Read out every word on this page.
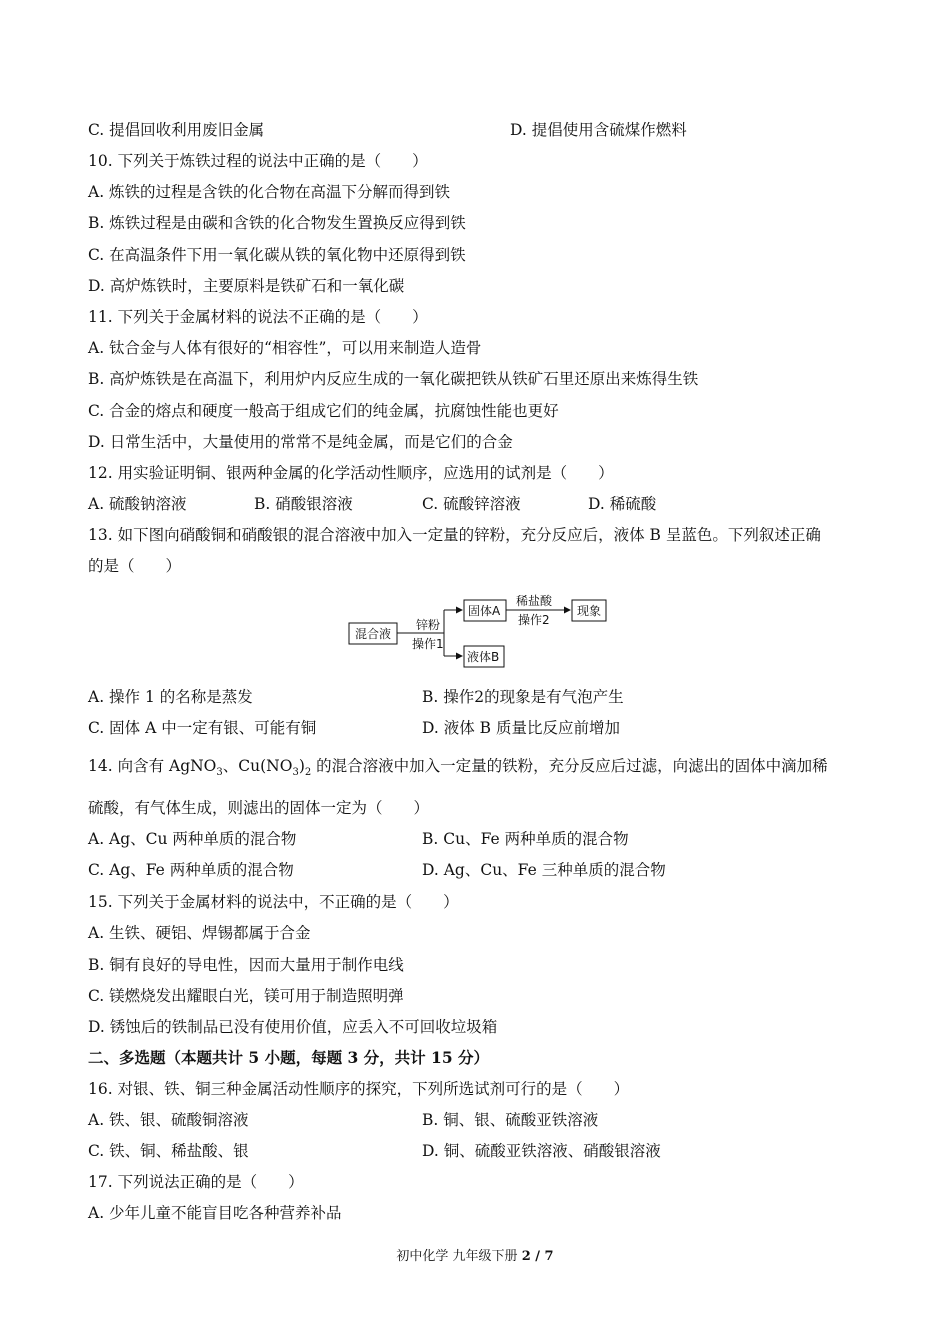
C. 提倡回收利用废旧金属	D. 提倡使用含硫煤作燃料
10. 下列关于炼铁过程的说法中正确的是（　　）
A. 炼铁的过程是含铁的化合物在高温下分解而得到铁
B. 炼铁过程是由碳和含铁的化合物发生置换反应得到铁
C. 在高温条件下用一氧化碳从铁的氧化物中还原得到铁
D. 高炉炼铁时，主要原料是铁矿石和一氧化碳
11. 下列关于金属材料的说法不正确的是（　　）
A. 钛合金与人体有很好的“相容性”，可以用来制造人造骨
B. 高炉炼铁是在高温下，利用炉内反应生成的一氧化碳把铁从铁矿石里还原出来炼得生铁
C. 合金的熔点和硬度一般高于组成它们的纯金属，抗腐蚀性能也更好
D. 日常生活中，大量使用的常常不是纯金属，而是它们的合金
12. 用实验证明铜、银两种金属的化学活动性顺序，应选用的试剂是（　　）
A. 硫酸钠溶液	B. 硝酸银溶液	C. 硫酸锌溶液	D. 稀硫酸
13. 如下图向硝酸铜和硝酸银的混合溶液中加入一定量的锌粉，充分反应后，液体 B 呈蓝色。下列叙述正确
的是（　　）
混合液
锌粉
操作1
固体A
稀盐酸
操作2
现象
液体B
A. 操作 1 的名称是蒸发	B. 操作2的现象是有气泡产生
C. 固体 A 中一定有银、可能有铜	D. 液体 B 质量比反应前增加
14. 向含有 AgNO$_3$、$Cu(NO_3)_2$ 的混合溶液中加入一定量的铁粉，充分反应后过滤，向滤出的固体中滴加稀
硫酸，有气体生成，则滤出的固体一定为（　　）
A. Ag、Cu 两种单质的混合物	B. Cu、Fe 两种单质的混合物
C. Ag、Fe 两种单质的混合物	D. Ag、Cu、Fe 三种单质的混合物
15. 下列关于金属材料的说法中，不正确的是（　　）
A. 生铁、硬铝、焊锡都属于合金
B. 铜有良好的导电性，因而大量用于制作电线
C. 镁燃烧发出耀眼白光，镁可用于制造照明弹
D. 锈蚀后的铁制品已没有使用价值，应丢入不可回收垃圾箱
二、多选题（本题共计 5 小题，每题 3 分，共计 15 分）
16. 对银、铁、铜三种金属活动性顺序的探究，下列所选试剂可行的是（　　）
A. 铁、银、硫酸铜溶液	B. 铜、银、硫酸亚铁溶液
C. 铁、铜、稀盐酸、银	D. 铜、硫酸亚铁溶液、硝酸银溶液
17. 下列说法正确的是（　　）
A. 少年儿童不能盲目吃各种营养补品
初中化学 九年级下册 2 / 7
